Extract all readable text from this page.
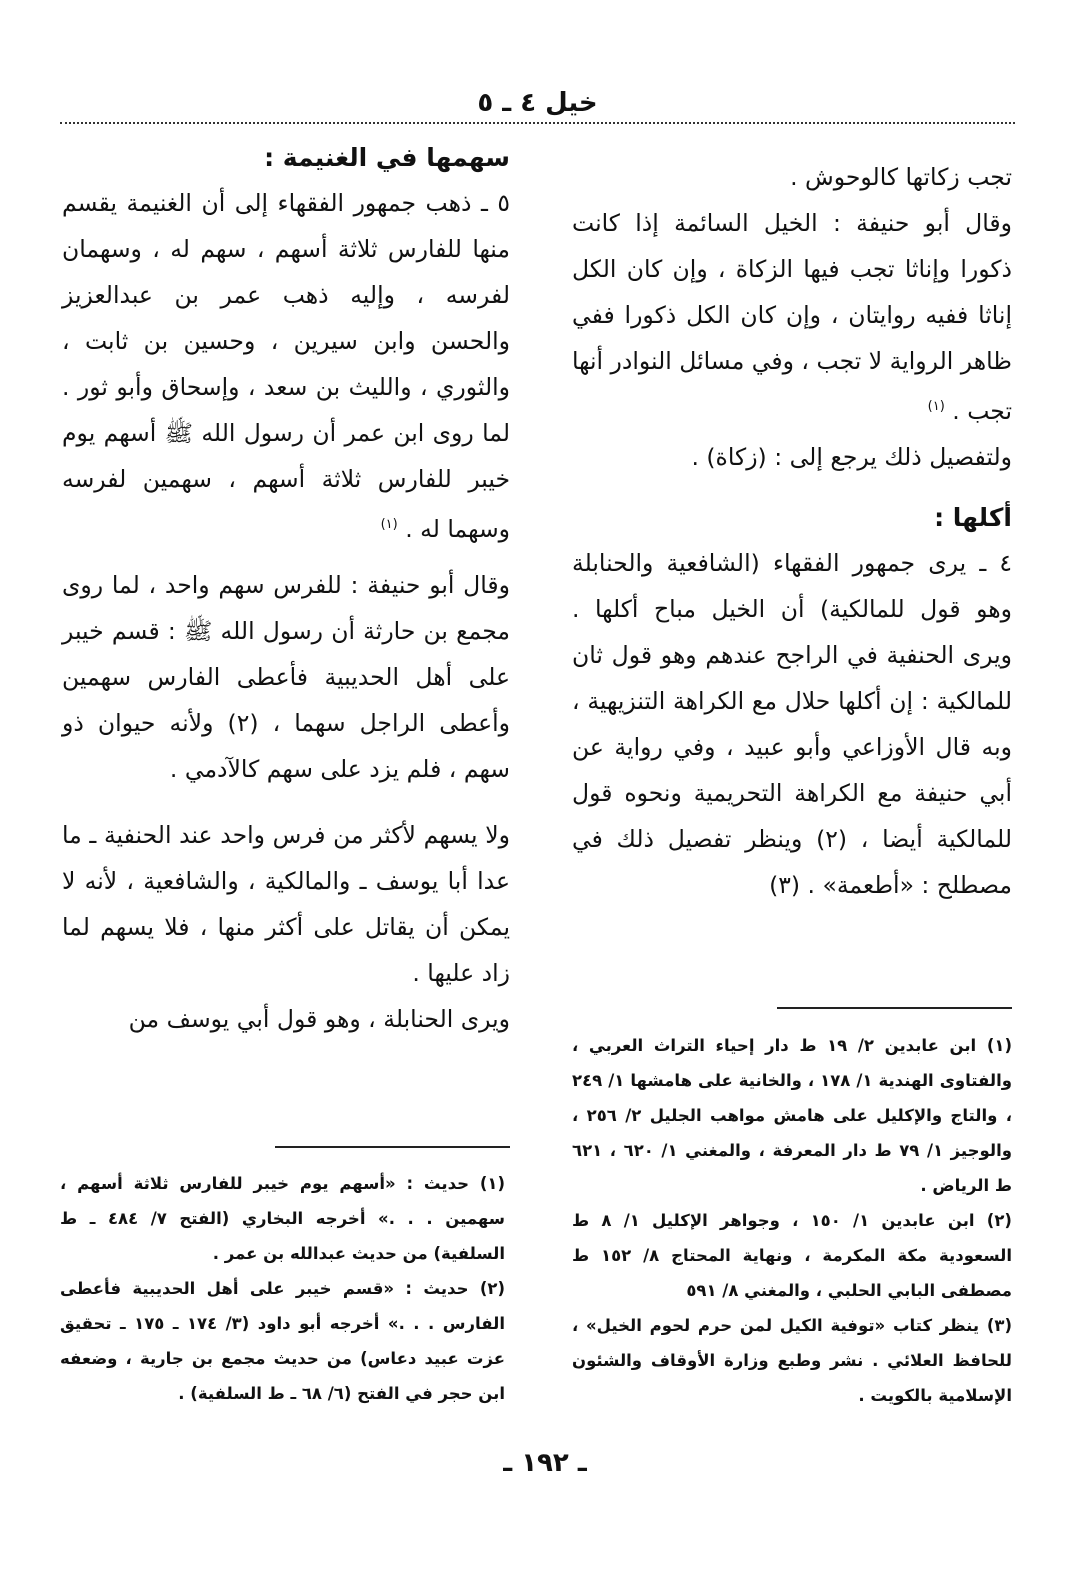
خيل ٤ ـ ٥

تجب زكاتها كالوحوش .

وقال أبو حنيفة : الخيل السائمة إذا كانت ذكورا وإناثا تجب فيها الزكاة ، وإن كان الكل إناثا ففيه روايتان ، وإن كان الكل ذكورا ففي ظاهر الرواية لا تجب ، وفي مسائل النوادر أنها تجب . $^{(١)}$

ولتفصيل ذلك يرجع إلى : (زكاة) .

أكلها :

٤ ـ يرى جمهور الفقهاء (الشافعية والحنابلة وهو قول للمالكية) أن الخيل مباح أكلها . ويرى الحنفية في الراجح عندهم وهو قول ثان للمالكية : إن أكلها حلال مع الكراهة التنزيهية ، وبه قال الأوزاعي وأبو عبيد ، وفي رواية عن أبي حنيفة مع الكراهة التحريمية ونحوه قول للمالكية أيضا ، (٢) وينظر تفصيل ذلك في مصطلح : «أطعمة» . (٣)

سهمها في الغنيمة :

٥ ـ ذهب جمهور الفقهاء إلى أن الغنيمة يقسم منها للفارس ثلاثة أسهم ، سهم له ، وسهمان لفرسه ، وإليه ذهب عمر بن عبدالعزيز والحسن وابن سيرين ، وحسين بن ثابت ، والثوري ، والليث بن سعد ، وإسحاق وأبو ثور . لما روى ابن عمر أن رسول الله ﷺ أسهم يوم خيبر للفارس ثلاثة أسهم ، سهمين لفرسه وسهما له . $^{(١)}$

وقال أبو حنيفة : للفرس سهم واحد ، لما روى مجمع بن حارثة أن رسول الله ﷺ : قسم خيبر على أهل الحديبية فأعطى الفارس سهمين وأعطى الراجل سهما ، (٢) ولأنه حيوان ذو سهم ، فلم يزد على سهم كالآدمي .

ولا يسهم لأكثر من فرس واحد عند الحنفية ـ ما عدا أبا يوسف ـ والمالكية ، والشافعية ، لأنه لا يمكن أن يقاتل على أكثر منها ، فلا يسهم لما زاد عليها .

ويرى الحنابلة ، وهو قول أبي يوسف من

(١) ابن عابدين ٢/ ١٩ ط دار إحياء التراث العربي ، والفتاوى الهندية ١/ ١٧٨ ، والخانية على هامشها ١/ ٢٤٩ ، والتاج والإكليل على هامش مواهب الجليل ٢/ ٢٥٦ ، والوجيز ١/ ٧٩ ط دار المعرفة ، والمغني ١/ ٦٢٠ ، ٦٢١ ط الرياض .

(٢) ابن عابدين ١/ ١٥٠ ، وجواهر الإكليل ١/ ٨ ط السعودية مكة المكرمة ، ونهاية المحتاج ٨/ ١٥٢ ط مصطفى البابي الحلبي ، والمغني ٨/ ٥٩١

(٣) ينظر كتاب «توفية الكيل لمن حرم لحوم الخيل» ، للحافظ العلائي . نشر وطبع وزارة الأوقاف والشئون الإسلامية بالكويت .

(١) حديث : «أسهم يوم خيبر للفارس ثلاثة أسهم ، سهمين . . .» أخرجه البخاري (الفتح ٧/ ٤٨٤ ـ ط السلفية) من حديث عبدالله بن عمر .

(٢) حديث : «قسم خيبر على أهل الحديبية فأعطى الفارس . . .» أخرجه أبو داود (٣/ ١٧٤ ـ ١٧٥ ـ تحقيق عزت عبيد دعاس) من حديث مجمع بن جارية ، وضعفه ابن حجر في الفتح (٦/ ٦٨ ـ ط السلفية) .

ـ ١٩٢ ـ
